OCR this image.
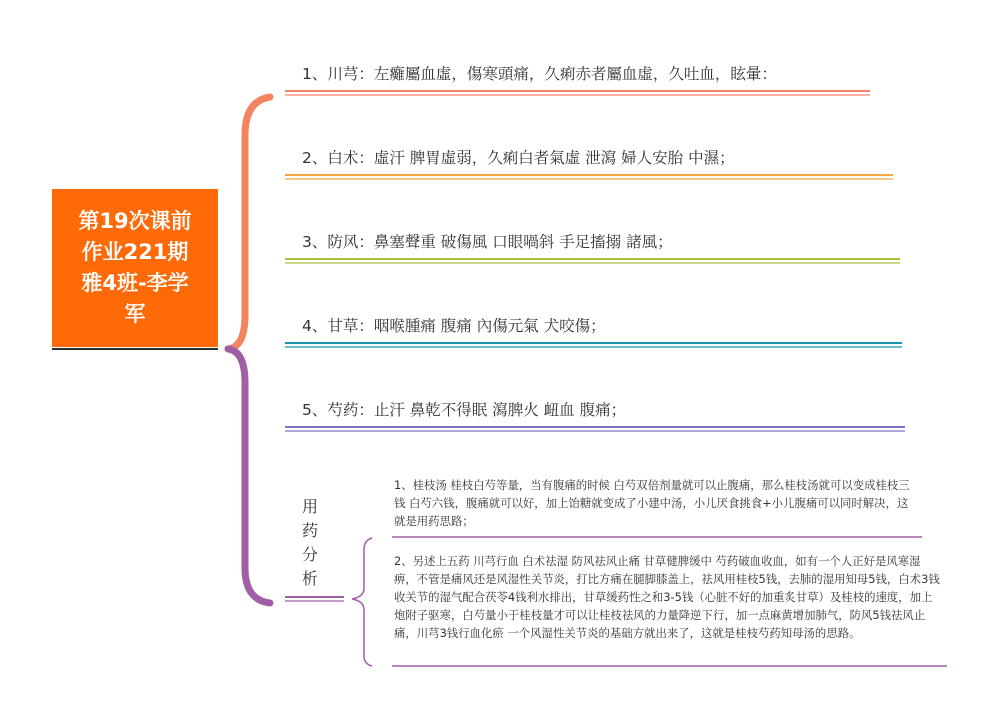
第19次课前作业221期雅4班-李学军
1、川芎：左癱屬血虛，傷寒頭痛，久痢赤者屬血虛，久吐血，眩暈：
2、白术：虛汗 脾胃虛弱，久痢白者氣虛 泄瀉 婦人安胎 中濕；
3、防风：鼻塞聲重 破傷風 口眼喎斜 手足搐搦 諸風；
4、甘草：咽喉腫痛 腹痛 內傷元氣 犬咬傷；
5、芍药：止汗 鼻乾不得眠 瀉脾火 衄血 腹痛；
用
药
分
析
1、桂枝汤 桂枝白芍等量，当有腹痛的时候 白芍双倍剂量就可以止腹痛，那么桂枝汤就可以变成桂枝三钱 白芍六钱，腹痛就可以好，加上饴糖就变成了小建中汤，小儿厌食挑食+小儿腹痛可以同时解决，这就是用药思路；
2、另述上五药 川芎行血 白术祛湿 防风祛风止痛 甘草健脾缓中 芍药破血收血，如有一个人正好是风寒湿痹，不管是痛风还是风湿性关节炎，打比方痛在腿脚膝盖上，祛风用桂枝5钱，去肺的湿用知母5钱，白术3钱收关节的湿气配合茯苓4钱利水排出，甘草缓药性之和3-5钱（心脏不好的加重炙甘草）及桂枝的速度，加上炮附子驱寒，白芍量小于桂枝量才可以让桂枝祛风的力量降逆下行，加一点麻黄增加肺气，防风5钱祛风止痛，川芎3钱行血化瘀 一个风湿性关节炎的基础方就出来了，这就是桂枝芍药知母汤的思路。
